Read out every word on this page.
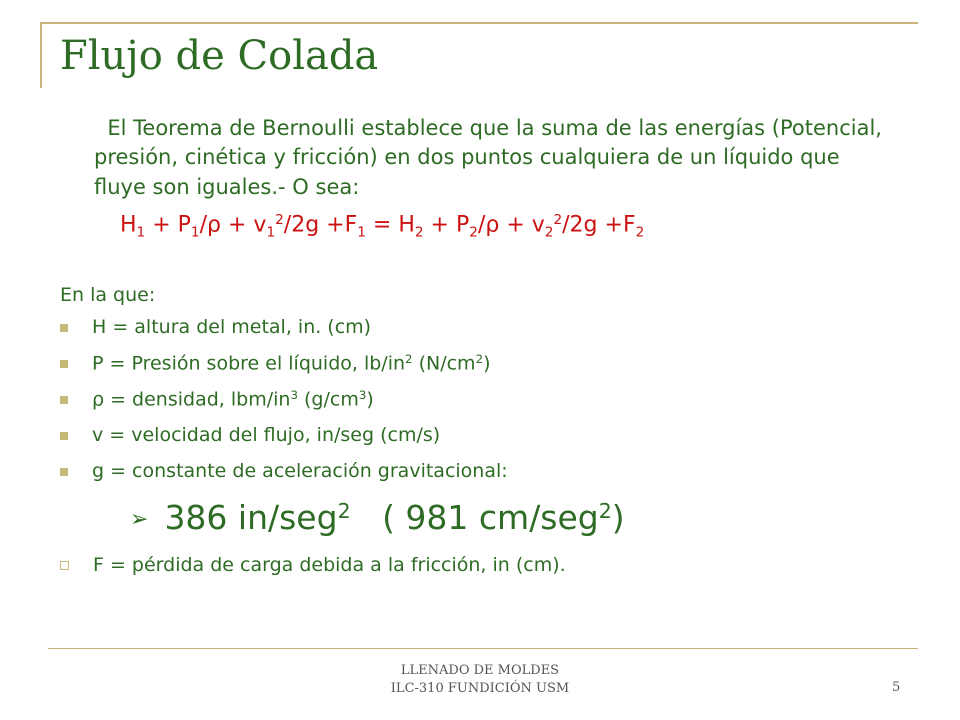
Flujo de Colada
El Teorema de Bernoulli establece que la suma de las energías (Potencial, presión, cinética y fricción) en dos puntos cualquiera de un líquido que fluye son iguales.- O sea:
$H_1 + P_1/\rho + v_1^2/2g +F_1 = H_2 + P_2/\rho + v_2^2/2g +F_2$
En la que:
H = altura del metal, in. (cm)
P = Presión sobre el líquido, $lb/in^2$ $(N/cm^2)$
ρ = densidad, lbm/$in^3$ $(g/cm^3)$
v = velocidad del flujo, in/seg (cm/s)
g = constante de aceleración gravitacional:
➢ 386 in/seg$^2$ ( 981 cm/seg$^2$)
F = pérdida de carga debida a la fricción, in (cm).
LLENADO DE MOLDES
ILC-310 FUNDICIÓN USM	5
